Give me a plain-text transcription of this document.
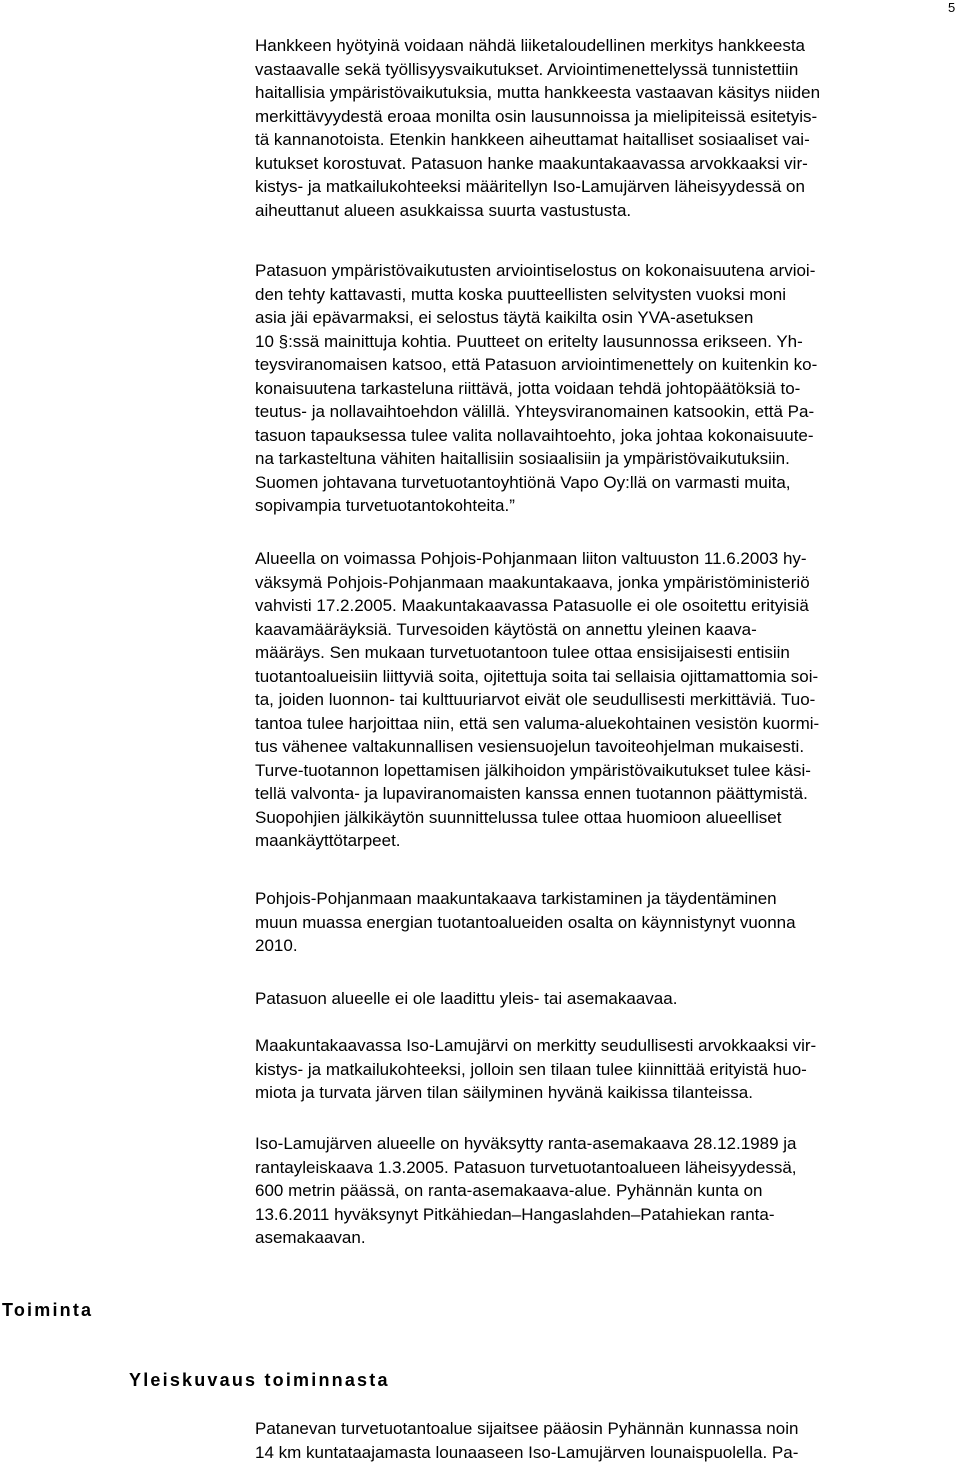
5

Hankkeen hyötyinä voidaan nähdä liiketaloudellinen merkitys hankkeesta
vastaavalle sekä työllisyysvaikutukset. Arviointimenettelyssä tunnistettiin
haitallisia ympäristövaikutuksia, mutta hankkeesta vastaavan käsitys niiden
merkittävyydestä eroaa monilta osin lausunnoissa ja mielipiteissä esitetyis-
tä kannanotoista. Etenkin hankkeen aiheuttamat haitalliset sosiaaliset vai-
kutukset korostuvat. Patasuon hanke maakuntakaavassa arvokkaaksi vir-
kistys- ja matkailukohteeksi määritellyn Iso-Lamujärven läheisyydessä on
aiheuttanut alueen asukkaissa suurta vastustusta.

Patasuon ympäristövaikutusten arviointiselostus on kokonaisuutena arvioi-
den tehty kattavasti, mutta koska puutteellisten selvitysten vuoksi moni
asia jäi epävarmaksi, ei selostus täytä kaikilta osin YVA-asetuksen
10 §:ssä mainittuja kohtia. Puutteet on eritelty lausunnossa erikseen. Yh-
teysviranomaisen katsoo, että Patasuon arviointimenettely on kuitenkin ko-
konaisuutena tarkasteluna riittävä, jotta voidaan tehdä johtopäätöksiä to-
teutus- ja nollavaihtoehdon välillä. Yhteysviranomainen katsookin, että Pa-
tasuon tapauksessa tulee valita nollavaihtoehto, joka johtaa kokonaisuute-
na tarkasteltuna vähiten haitallisiin sosiaalisiin ja ympäristövaikutuksiin.
Suomen johtavana turvetuotantoyhtiönä Vapo Oy:llä on varmasti muita,
sopivampia turvetuotantokohteita.”

Alueella on voimassa Pohjois-Pohjanmaan liiton valtuuston 11.6.2003 hy-
väksymä Pohjois-Pohjanmaan maakuntakaava, jonka ympäristöministeriö
vahvisti 17.2.2005. Maakuntakaavassa Patasuolle ei ole osoitettu erityisiä
kaavamääräyksiä. Turvesoiden käytöstä on annettu yleinen kaava-
määräys. Sen mukaan turvetuotantoon tulee ottaa ensisijaisesti entisiin
tuotantoalueisiin liittyviä soita, ojitettuja soita tai sellaisia ojittamattomia soi-
ta, joiden luonnon- tai kulttuuriarvot eivät ole seudullisesti merkittäviä. Tuo-
tantoa tulee harjoittaa niin, että sen valuma-aluekohtainen vesistön kuormi-
tus vähenee valtakunnallisen vesiensuojelun tavoiteohjelman mukaisesti.
Turve-tuotannon lopettamisen jälkihoidon ympäristövaikutukset tulee käsi-
tellä valvonta- ja lupaviranomaisten kanssa ennen tuotannon päättymistä.
Suopohjien jälkikäytön suunnittelussa tulee ottaa huomioon alueelliset
maankäyttötarpeet.

Pohjois-Pohjanmaan maakuntakaava tarkistaminen ja täydentäminen
muun muassa energian tuotantoalueiden osalta on käynnistynyt vuonna
2010.

Patasuon alueelle ei ole laadittu yleis- tai asemakaavaa.

Maakuntakaavassa Iso-Lamujärvi on merkitty seudullisesti arvokkaaksi vir-
kistys- ja matkailukohteeksi, jolloin sen tilaan tulee kiinnittää erityistä huo-
miota ja turvata järven tilan säilyminen hyvänä kaikissa tilanteissa.

Iso-Lamujärven alueelle on hyväksytty ranta-asemakaava 28.12.1989 ja
rantayleiskaava 1.3.2005. Patasuon turvetuotantoalueen läheisyydessä,
600 metrin päässä, on ranta-asemakaava-alue. Pyhännän kunta on
13.6.2011 hyväksynyt Pitkähiedan–Hangaslahden–Patahiekan ranta-
asemakaavan.

Toiminta
Yleiskuvaus toiminnasta

Patanevan turvetuotantoalue sijaitsee pääosin Pyhännän kunnassa noin
14 km kuntataajamasta lounaaseen Iso-Lamujärven lounaispuolella. Pa-
